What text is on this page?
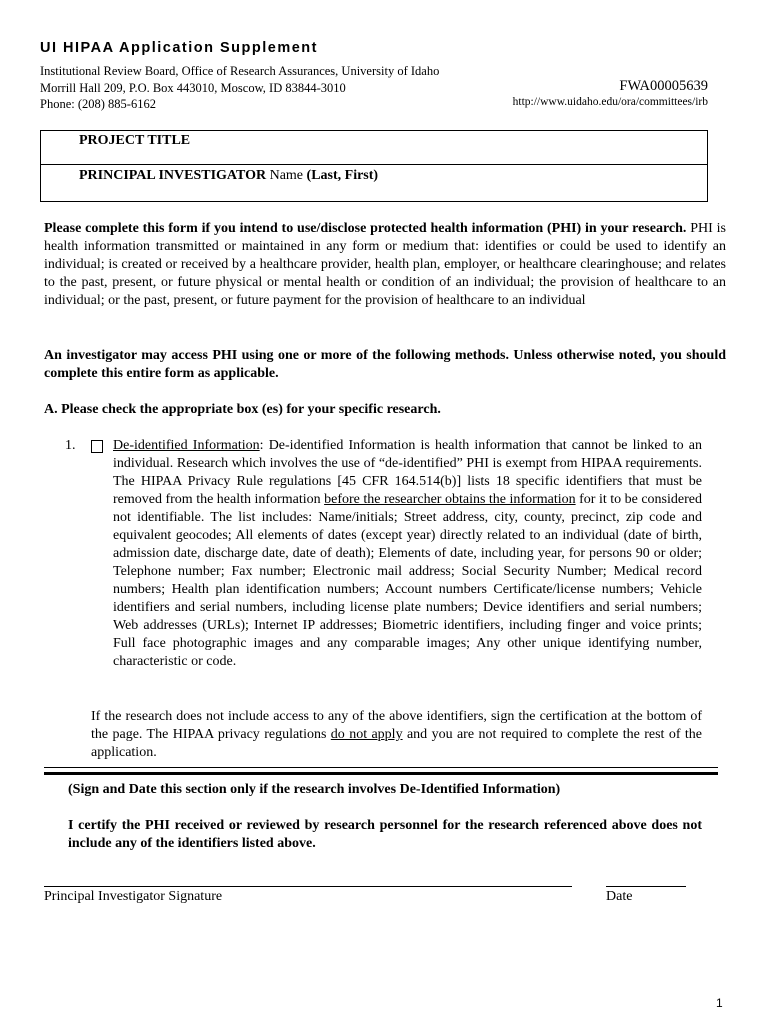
UI HIPAA Application Supplement
Institutional Review Board, Office of Research Assurances, University of Idaho
Morrill Hall 209, P.O. Box 443010, Moscow, ID 83844-3010
Phone: (208) 885-6162
FWA00005639
http://www.uidaho.edu/ora/committees/irb
PROJECT TITLE
PRINCIPAL INVESTIGATOR Name (Last, First)
Please complete this form if you intend to use/disclose protected health information (PHI) in your research. PHI is health information transmitted or maintained in any form or medium that: identifies or could be used to identify an individual; is created or received by a healthcare provider, health plan, employer, or healthcare clearinghouse; and relates to the past, present, or future physical or mental health or condition of an individual; the provision of healthcare to an individual; or the past, present, or future payment for the provision of healthcare to an individual
An investigator may access PHI using one or more of the following methods. Unless otherwise noted, you should complete this entire form as applicable.
A. Please check the appropriate box (es) for your specific research.
1.	De-identified Information: De-identified Information is health information that cannot be linked to an individual. Research which involves the use of “de-identified” PHI is exempt from HIPAA requirements. The HIPAA Privacy Rule regulations [45 CFR 164.514(b)] lists 18 specific identifiers that must be removed from the health information before the researcher obtains the information for it to be considered not identifiable. The list includes: Name/initials; Street address, city, county, precinct, zip code and equivalent geocodes; All elements of dates (except year) directly related to an individual (date of birth, admission date, discharge date, date of death); Elements of date, including year, for persons 90 or older; Telephone number; Fax number; Electronic mail address; Social Security Number; Medical record numbers; Health plan identification numbers; Account numbers Certificate/license numbers; Vehicle identifiers and serial numbers, including license plate numbers; Device identifiers and serial numbers; Web addresses (URLs); Internet IP addresses; Biometric identifiers, including finger and voice prints; Full face photographic images and any comparable images; Any other unique identifying number, characteristic or code.
If the research does not include access to any of the above identifiers, sign the certification at the bottom of the page. The HIPAA privacy regulations do not apply and you are not required to complete the rest of the application.
(Sign and Date this section only if the research involves De-Identified Information)
I certify the PHI received or reviewed by research personnel for the research referenced above does not include any of the identifiers listed above.
Principal Investigator Signature	Date
1
